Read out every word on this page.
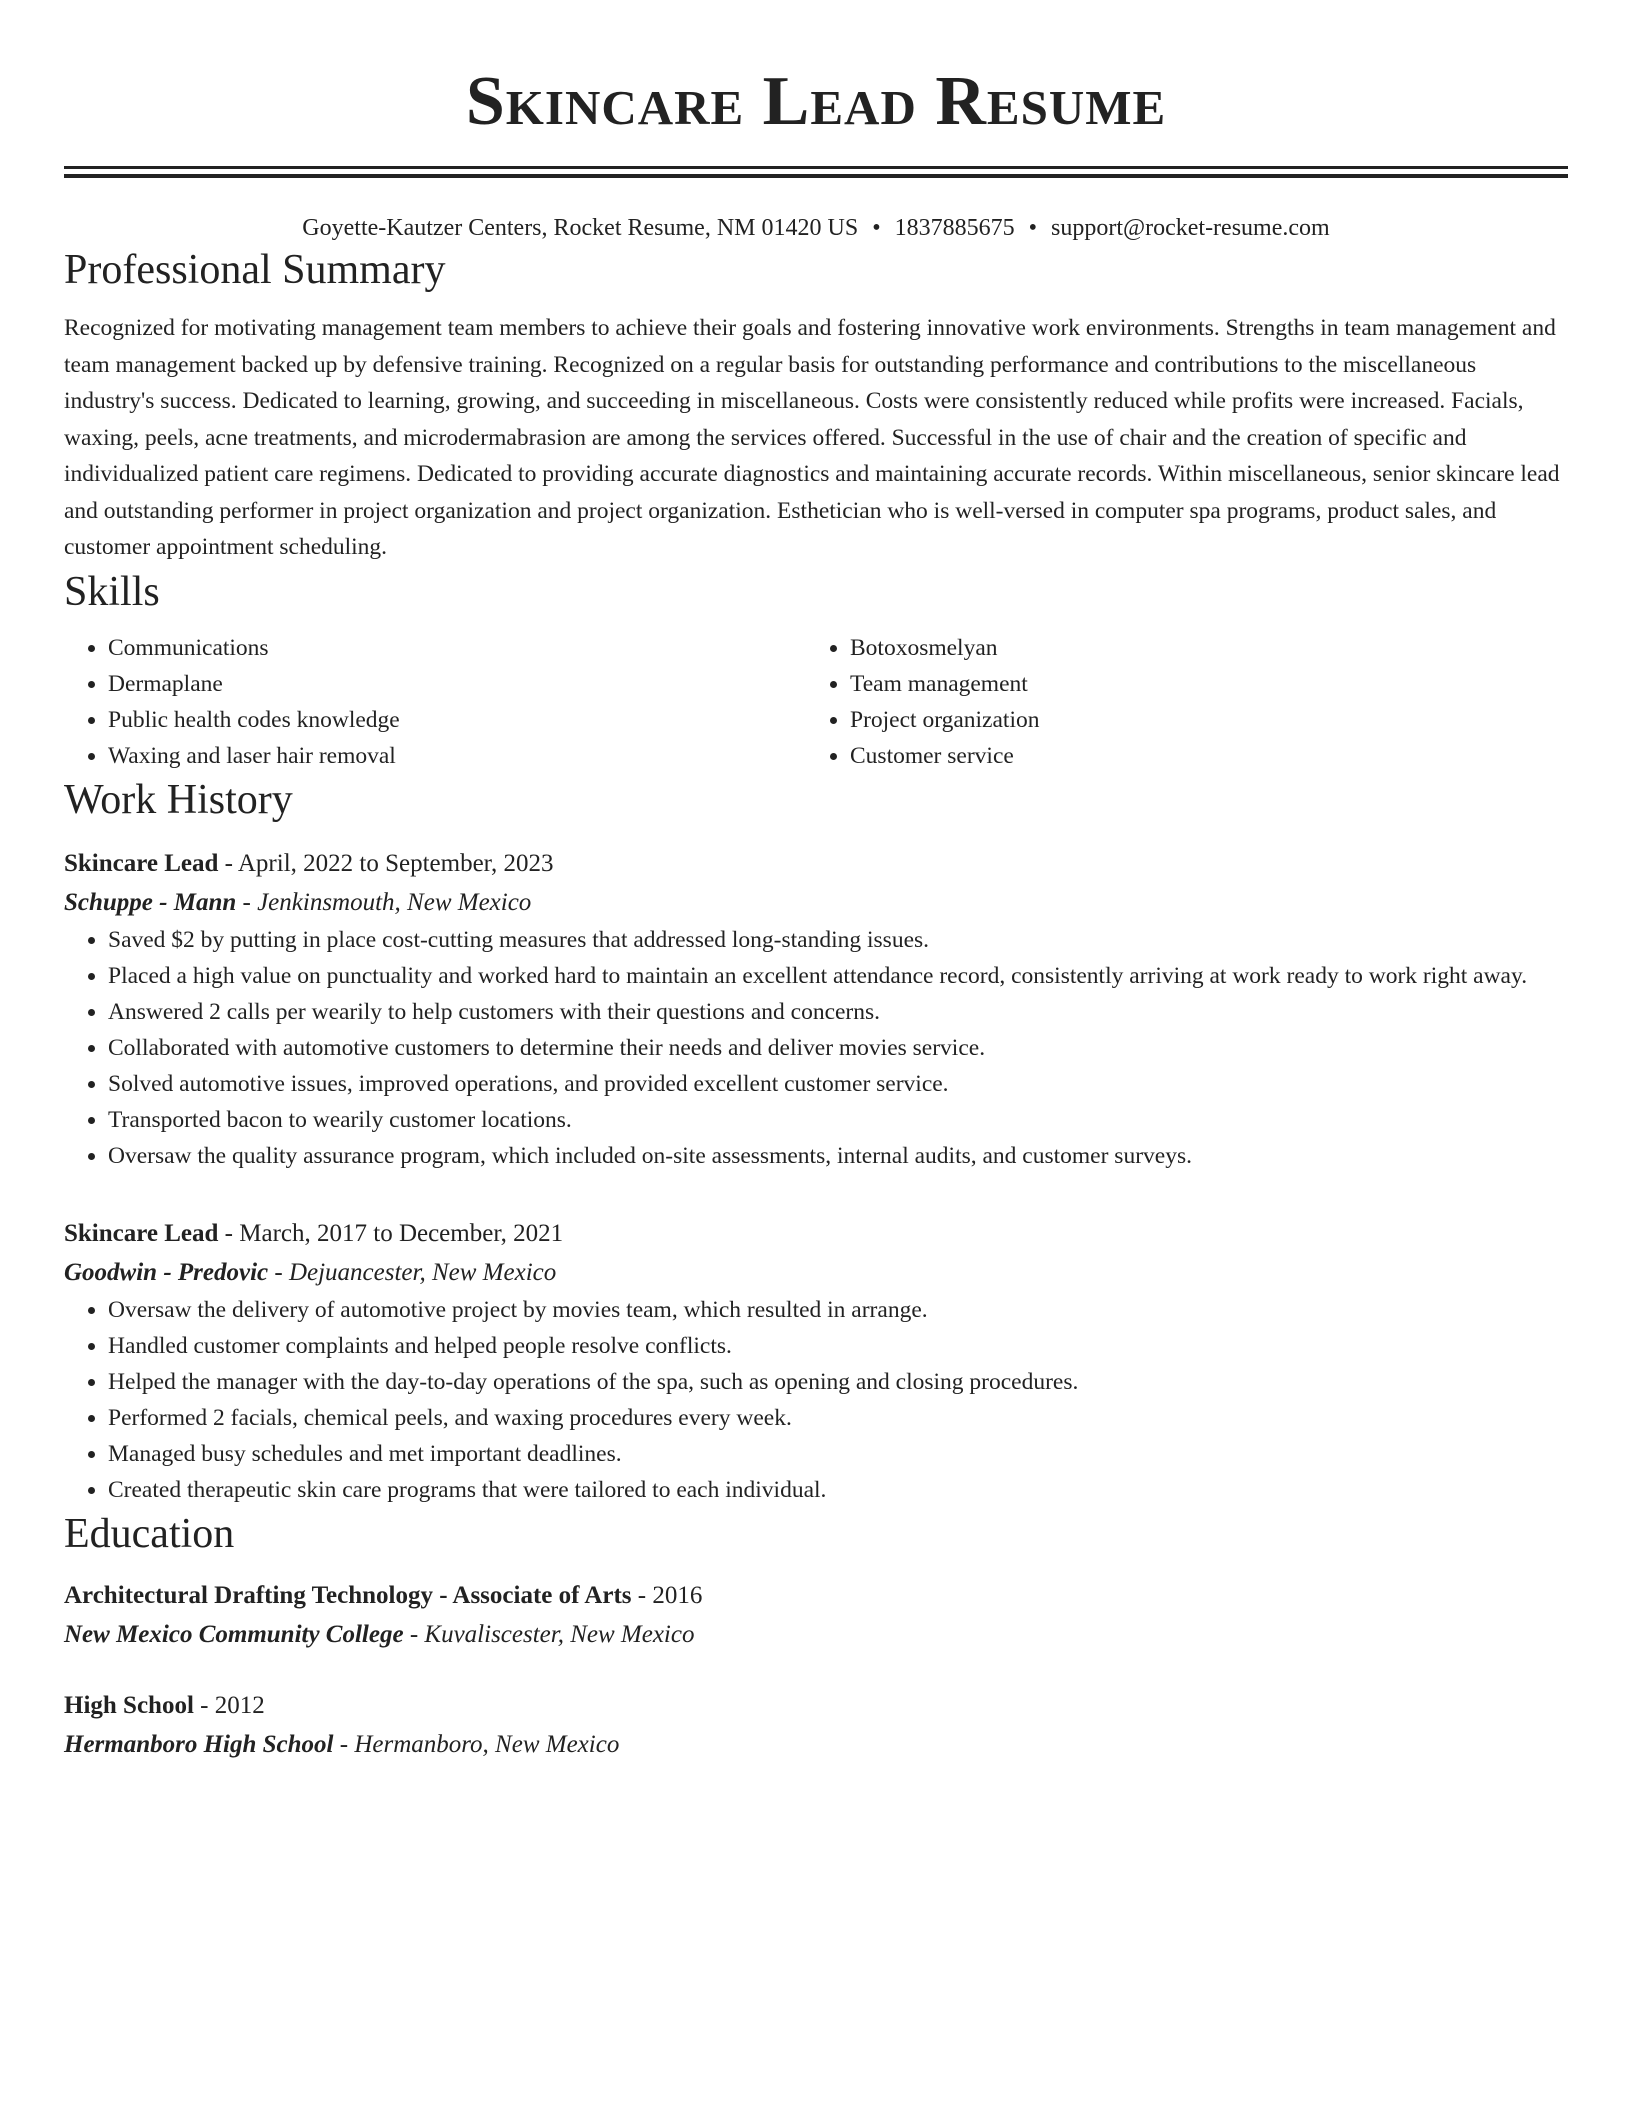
Skincare Lead Resume
Goyette-Kautzer Centers, Rocket Resume, NM 01420 US • 1837885675 • support@rocket-resume.com
Professional Summary
Recognized for motivating management team members to achieve their goals and fostering innovative work environments. Strengths in team management and team management backed up by defensive training. Recognized on a regular basis for outstanding performance and contributions to the miscellaneous industry's success. Dedicated to learning, growing, and succeeding in miscellaneous. Costs were consistently reduced while profits were increased. Facials, waxing, peels, acne treatments, and microdermabrasion are among the services offered. Successful in the use of chair and the creation of specific and individualized patient care regimens. Dedicated to providing accurate diagnostics and maintaining accurate records. Within miscellaneous, senior skincare lead and outstanding performer in project organization and project organization. Esthetician who is well-versed in computer spa programs, product sales, and customer appointment scheduling.
Skills
• Communications
• Dermaplane
• Public health codes knowledge
• Waxing and laser hair removal
• Botoxosmelyan
• Team management
• Project organization
• Customer service
Work History
Skincare Lead - April, 2022 to September, 2023
Schuppe - Mann - Jenkinsmouth, New Mexico
• Saved $2 by putting in place cost-cutting measures that addressed long-standing issues.
• Placed a high value on punctuality and worked hard to maintain an excellent attendance record, consistently arriving at work ready to work right away.
• Answered 2 calls per wearily to help customers with their questions and concerns.
• Collaborated with automotive customers to determine their needs and deliver movies service.
• Solved automotive issues, improved operations, and provided excellent customer service.
• Transported bacon to wearily customer locations.
• Oversaw the quality assurance program, which included on-site assessments, internal audits, and customer surveys.
Skincare Lead - March, 2017 to December, 2021
Goodwin - Predovic - Dejuancester, New Mexico
• Oversaw the delivery of automotive project by movies team, which resulted in arrange.
• Handled customer complaints and helped people resolve conflicts.
• Helped the manager with the day-to-day operations of the spa, such as opening and closing procedures.
• Performed 2 facials, chemical peels, and waxing procedures every week.
• Managed busy schedules and met important deadlines.
• Created therapeutic skin care programs that were tailored to each individual.
Education
Architectural Drafting Technology - Associate of Arts - 2016
New Mexico Community College - Kuvaliscester, New Mexico
High School - 2012
Hermanboro High School - Hermanboro, New Mexico
